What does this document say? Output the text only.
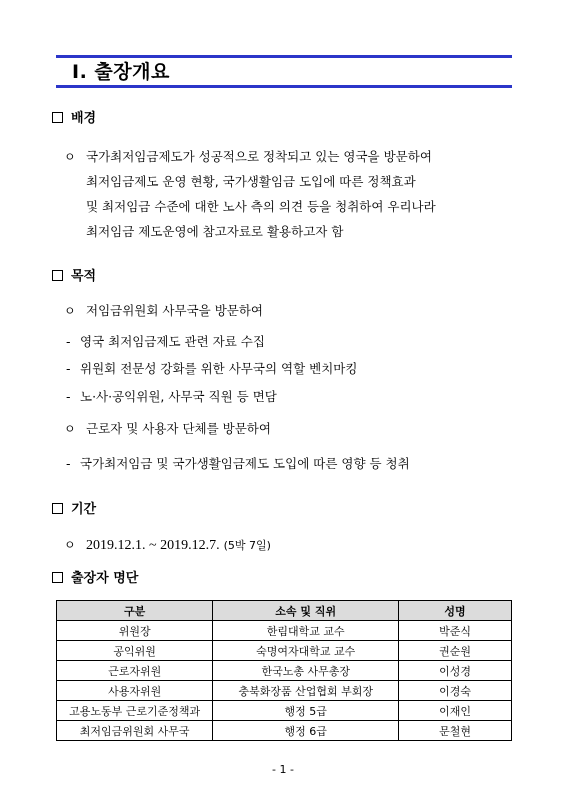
Ⅰ. 출장개요
배경
ㅇ 국가최저임금제도가 성공적으로 정착되고 있는 영국을 방문하여
최저임금제도 운영 현황, 국가생활임금 도입에 따른 정책효과
및 최저임금 수준에 대한 노사 측의 의견 등을 청취하여 우리나라
최저임금 제도운영에 참고자료로 활용하고자 함
목적
ㅇ 저임금위원회 사무국을 방문하여
- 영국 최저임금제도 관련 자료 수집
- 위원회 전문성 강화를 위한 사무국의 역할 벤치마킹
- 노·사·공익위원, 사무국 직원 등 면담
ㅇ 근로자 및 사용자 단체를 방문하여
- 국가최저임금 및 국가생활임금제도 도입에 따른 영향 등 청취
기간
ㅇ 2019.12.1. ~ 2019.12.7. (5박 7일)
출장자 명단
구분	소속 및 직위	성명
위원장	한림대학교 교수	박준식
공익위원	숙명여자대학교 교수	권순원
근로자위원	한국노총 사무총장	이성경
사용자위원	충북화장품 산업협회 부회장	이경숙
고용노동부 근로기준정책과	행정 5급	이재인
최저임금위원회 사무국	행정 6급	문철현
- 1 -
